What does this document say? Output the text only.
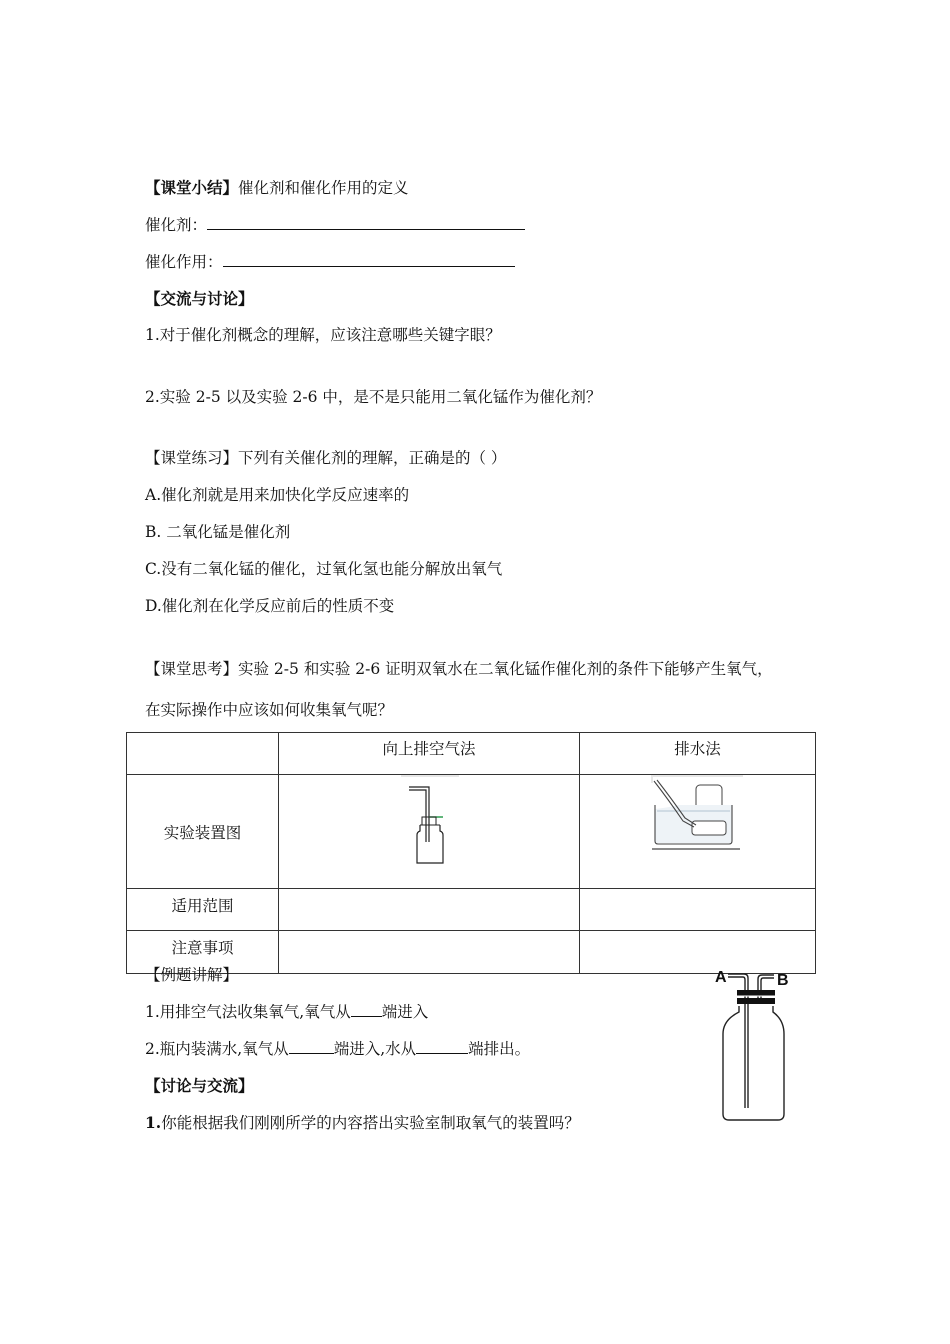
【课堂小结】催化剂和催化作用的定义
催化剂：
催化作用：
【交流与讨论】
1.对于催化剂概念的理解，应该注意哪些关键字眼？
2.实验 2-5 以及实验 2-6 中，是不是只能用二氧化锰作为催化剂？
【课堂练习】下列有关催化剂的理解，正确是的（ ）
A.催化剂就是用来加快化学反应速率的
B. 二氧化锰是催化剂
C.没有二氧化锰的催化，过氧化氢也能分解放出氧气
D.催化剂在化学反应前后的性质不变
【课堂思考】实验 2-5 和实验 2-6 证明双氧水在二氧化锰作催化剂的条件下能够产生氧气，
在实际操作中应该如何收集氧气呢？
	向上排空气法	排水法
实验装置图	

适用范围		
注意事项		
【例题讲解】
1.用排空气法收集氧气,氧气从 端进入
2.瓶内装满水,氧气从	端进入,水从	端排出。
A	B
【讨论与交流】
1.你能根据我们刚刚所学的内容搭出实验室制取氧气的装置吗？
